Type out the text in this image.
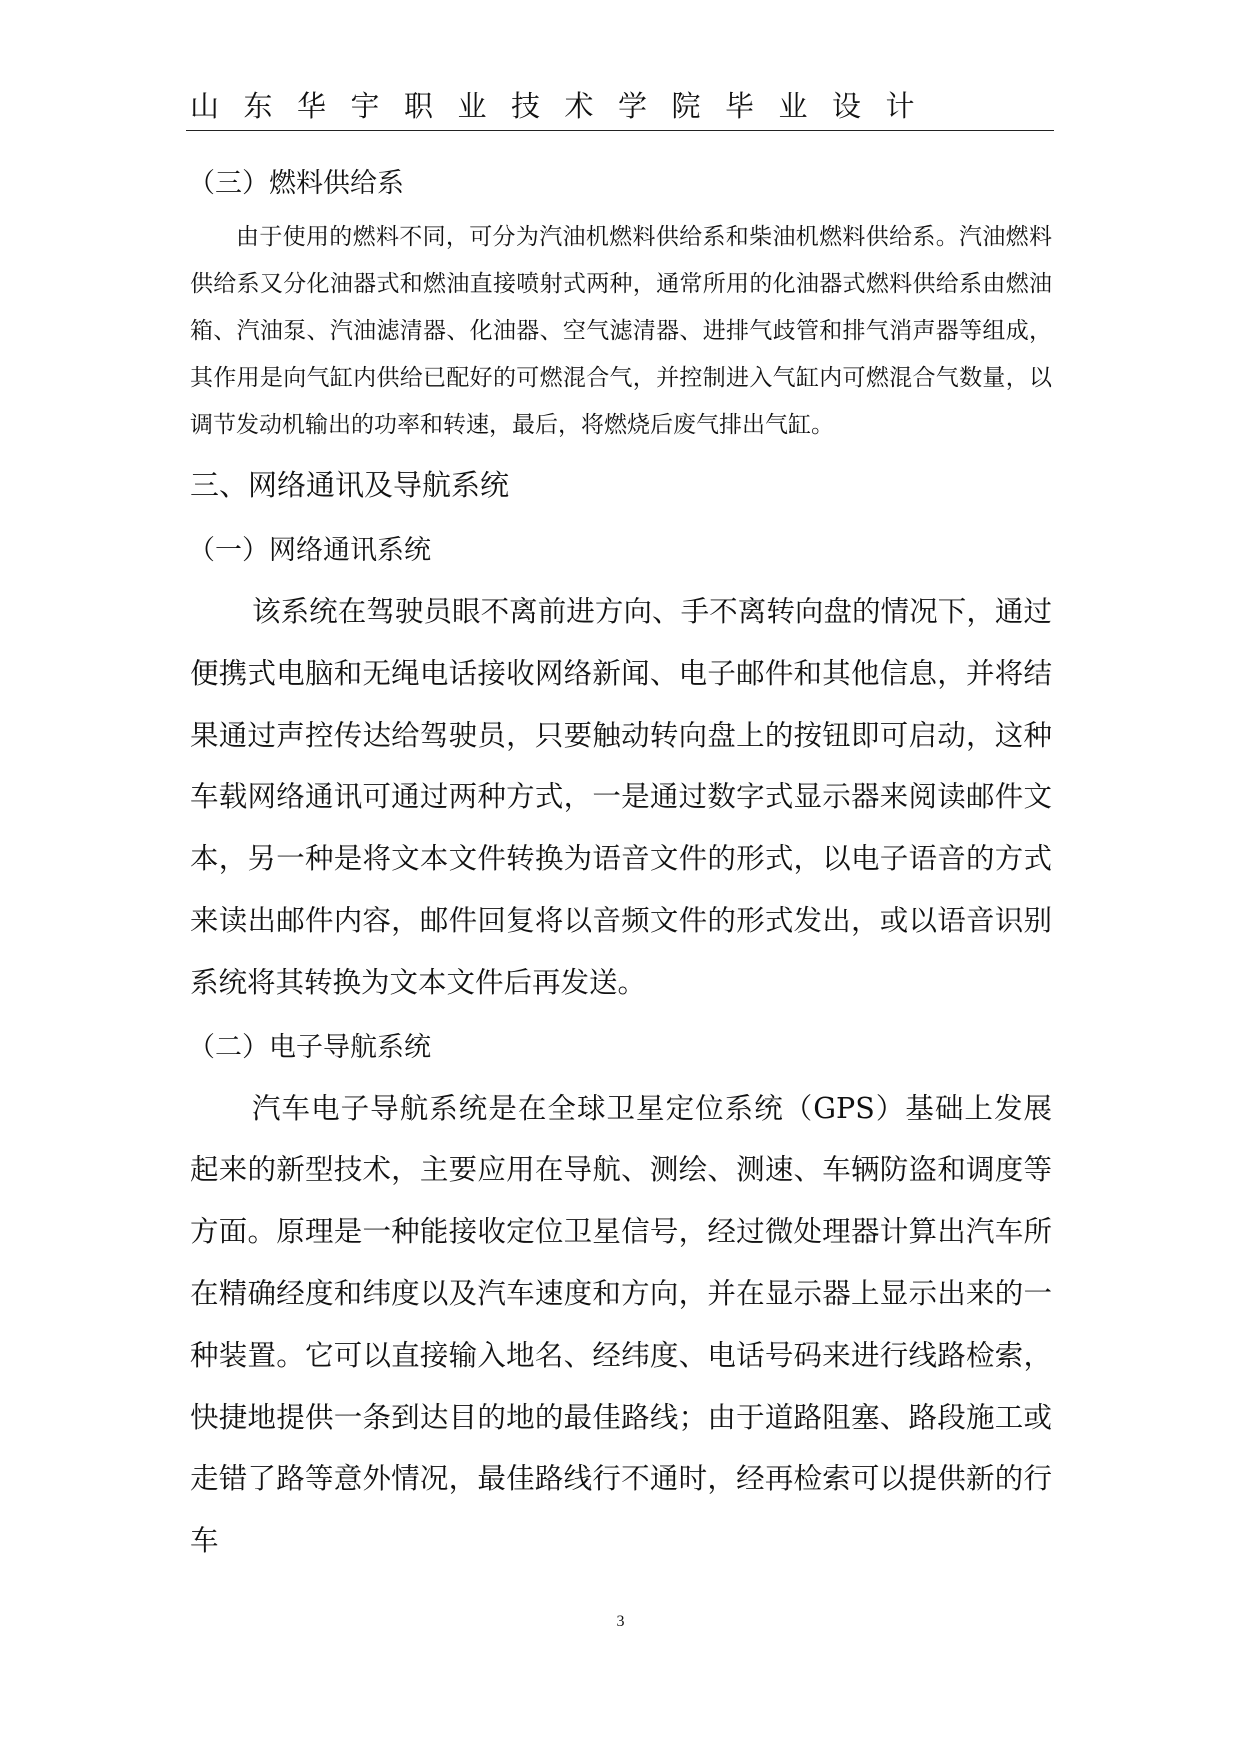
山东华宇职业技术学院毕业设计
（三）燃料供给系

由于使用的燃料不同，可分为汽油机燃料供给系和柴油机燃料供给系。汽油燃料供给系又分化油器式和燃油直接喷射式两种，通常所用的化油器式燃料供给系由燃油箱、汽油泵、汽油滤清器、化油器、空气滤清器、进排气歧管和排气消声器等组成，其作用是向气缸内供给已配好的可燃混合气，并控制进入气缸内可燃混合气数量，以调节发动机输出的功率和转速，最后，将燃烧后废气排出气缸。

三、网络通讯及导航系统
（一）网络通讯系统

该系统在驾驶员眼不离前进方向、手不离转向盘的情况下，通过便携式电脑和无绳电话接收网络新闻、电子邮件和其他信息，并将结果通过声控传达给驾驶员，只要触动转向盘上的按钮即可启动，这种车载网络通讯可通过两种方式，一是通过数字式显示器来阅读邮件文本，另一种是将文本文件转换为语音文件的形式，以电子语音的方式来读出邮件内容，邮件回复将以音频文件的形式发出，或以语音识别系统将其转换为文本文件后再发送。

（二）电子导航系统

汽车电子导航系统是在全球卫星定位系统（GPS）基础上发展起来的新型技术，主要应用在导航、测绘、测速、车辆防盗和调度等方面。原理是一种能接收定位卫星信号，经过微处理器计算出汽车所在精确经度和纬度以及汽车速度和方向，并在显示器上显示出来的一种装置。它可以直接输入地名、经纬度、电话号码来进行线路检索，快捷地提供一条到达目的地的最佳路线；由于道路阻塞、路段施工或走错了路等意外情况，最佳路线行不通时，经再检索可以提供新的行车

3
